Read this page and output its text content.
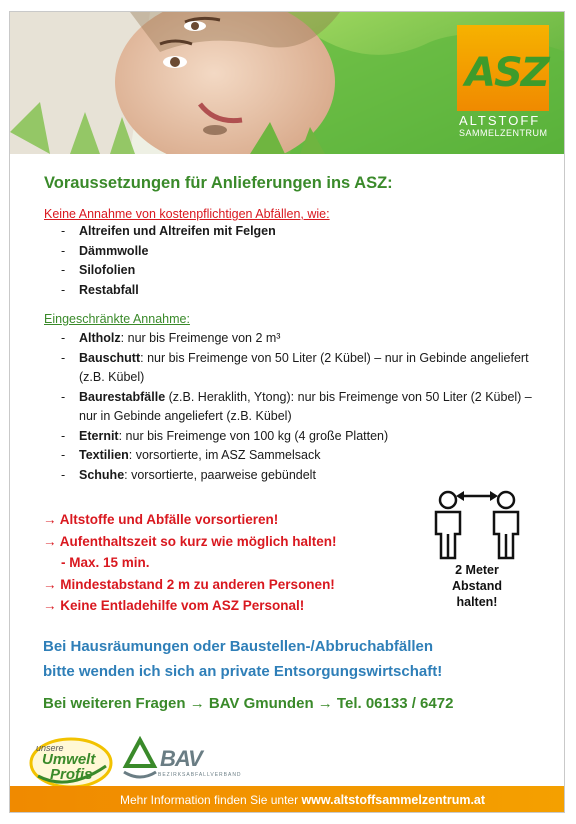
ASZ
ALTSTOFF
SAMMELZENTRUM
Voraussetzungen für Anlieferungen ins ASZ:
Keine Annahme von kostenpflichtigen Abfällen, wie:
- Altreifen und Altreifen mit Felgen
- Dämmwolle
- Silofolien
- Restabfall
Eingeschränkte Annahme:
- Altholz: nur bis Freimenge von 2 m³
- Bauschutt: nur bis Freimenge von 50 Liter (2 Kübel) – nur in Gebinde angeliefert (z.B. Kübel)
- Baurestabfälle (z.B. Heraklith, Ytong): nur bis Freimenge von 50 Liter (2 Kübel) – nur in Gebinde angeliefert (z.B. Kübel)
- Eternit: nur bis Freimenge von 100 kg (4 große Platten)
- Textilien: vorsortierte, im ASZ Sammelsack
- Schuhe: vorsortierte, paarweise gebündelt
→ Altstoffe und Abfälle vorsortieren!
→ Aufenthaltszeit so kurz wie möglich halten!
- Max. 15 min.
→ Mindestabstand 2 m zu anderen Personen!
→ Keine Entladehilfe vom ASZ Personal!
2 Meter
Abstand
halten!
Bei Hausräumungen oder Baustellen-/Abbruchabfällen
bitte wenden ich sich an private Entsorgungswirtschaft!
Bei weiteren Fragen → BAV Gmunden → Tel. 06133 / 6472
unsere
Umwelt
Profis
BAV
BEZIRKSABFALLVERBAND
Mehr Information finden Sie unter www.altstoffsammelzentrum.at
